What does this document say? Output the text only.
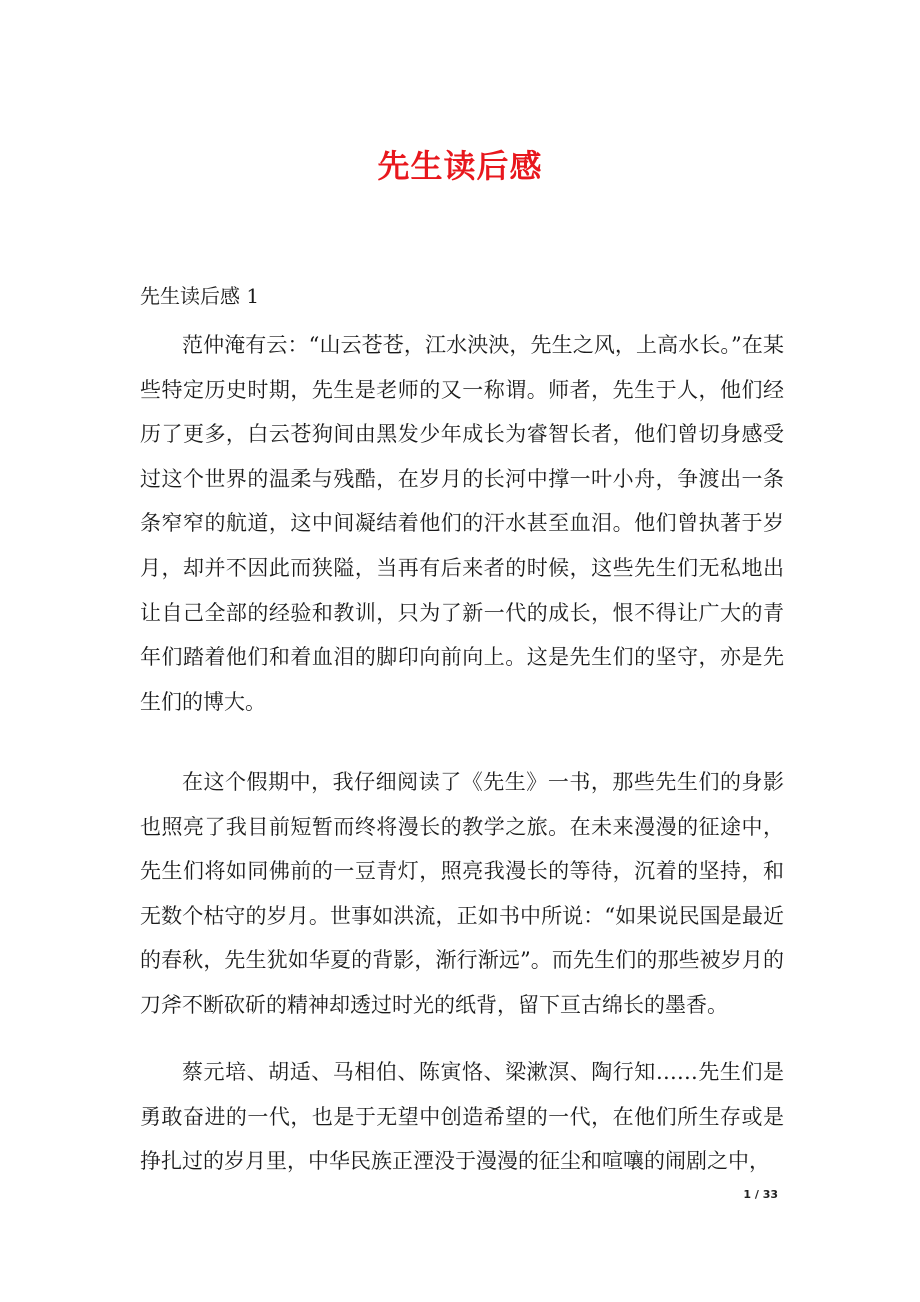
先生读后感
先生读后感 1

范仲淹有云：“山云苍苍，江水泱泱，先生之风，上高水长。”在某些特定历史时期，先生是老师的又一称谓。师者，先生于人，他们经历了更多，白云苍狗间由黑发少年成长为睿智长者，他们曾切身感受过这个世界的温柔与残酷，在岁月的长河中撑一叶小舟，争渡出一条条窄窄的航道，这中间凝结着他们的汗水甚至血泪。他们曾执著于岁月，却并不因此而狭隘，当再有后来者的时候，这些先生们无私地出让自己全部的经验和教训，只为了新一代的成长，恨不得让广大的青年们踏着他们和着血泪的脚印向前向上。这是先生们的坚守，亦是先生们的博大。

在这个假期中，我仔细阅读了《先生》一书，那些先生们的身影也照亮了我目前短暂而终将漫长的教学之旅。在未来漫漫的征途中，先生们将如同佛前的一豆青灯，照亮我漫长的等待，沉着的坚持，和无数个枯守的岁月。世事如洪流，正如书中所说：“如果说民国是最近的春秋，先生犹如华夏的背影，渐行渐远”。而先生们的那些被岁月的刀斧不断砍斫的精神却透过时光的纸背，留下亘古绵长的墨香。

蔡元培、胡适、马相伯、陈寅恪、梁漱溟、陶行知……先生们是勇敢奋进的一代，也是于无望中创造希望的一代，在他们所生存或是挣扎过的岁月里，中华民族正湮没于漫漫的征尘和喧嚷的闹剧之中，

1 / 33
